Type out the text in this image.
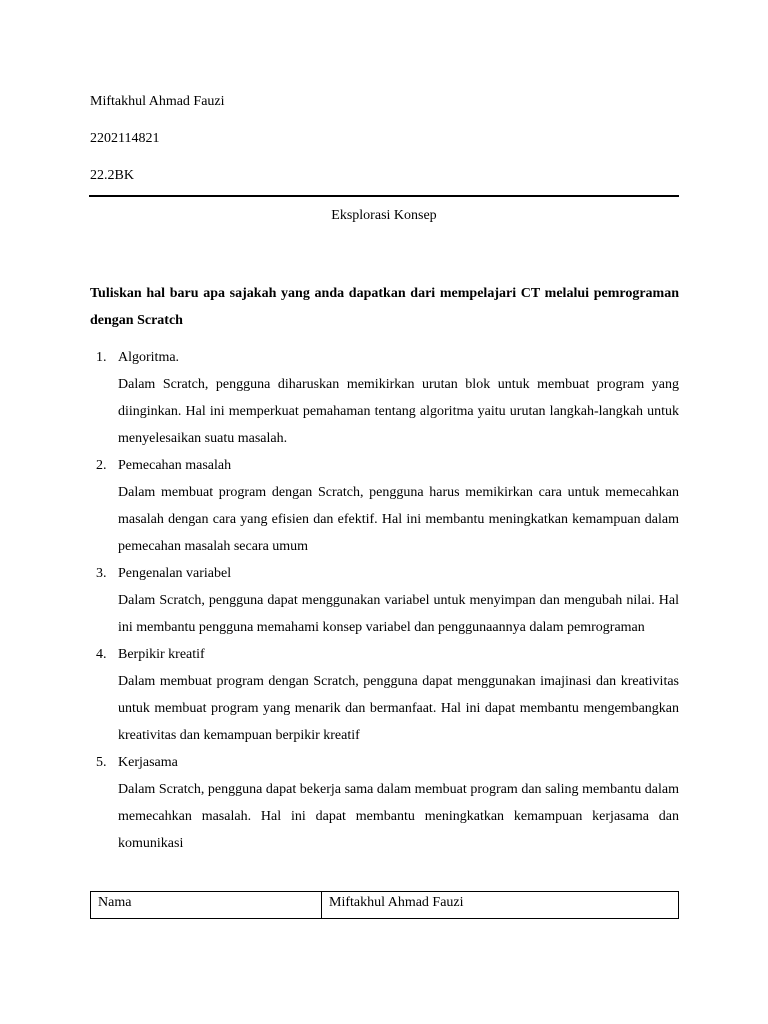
Miftakhul Ahmad Fauzi
2202114821
22.2BK
Eksplorasi Konsep
Tuliskan hal baru apa sajakah yang anda dapatkan dari mempelajari CT melalui pemrograman dengan Scratch
1. Algoritma.
Dalam Scratch, pengguna diharuskan memikirkan urutan blok untuk membuat program yang diinginkan. Hal ini memperkuat pemahaman tentang algoritma yaitu urutan langkah-langkah untuk menyelesaikan suatu masalah.
2. Pemecahan masalah
Dalam membuat program dengan Scratch, pengguna harus memikirkan cara untuk memecahkan masalah dengan cara yang efisien dan efektif. Hal ini membantu meningkatkan kemampuan dalam pemecahan masalah secara umum
3. Pengenalan variabel
Dalam Scratch, pengguna dapat menggunakan variabel untuk menyimpan dan mengubah nilai. Hal ini membantu pengguna memahami konsep variabel dan penggunaannya dalam pemrograman
4. Berpikir kreatif
Dalam membuat program dengan Scratch, pengguna dapat menggunakan imajinasi dan kreativitas untuk membuat program yang menarik dan bermanfaat. Hal ini dapat membantu mengembangkan kreativitas dan kemampuan berpikir kreatif
5. Kerjasama
Dalam Scratch, pengguna dapat bekerja sama dalam membuat program dan saling membantu dalam memecahkan masalah. Hal ini dapat membantu meningkatkan kemampuan kerjasama dan komunikasi
Nama	Miftakhul Ahmad Fauzi
